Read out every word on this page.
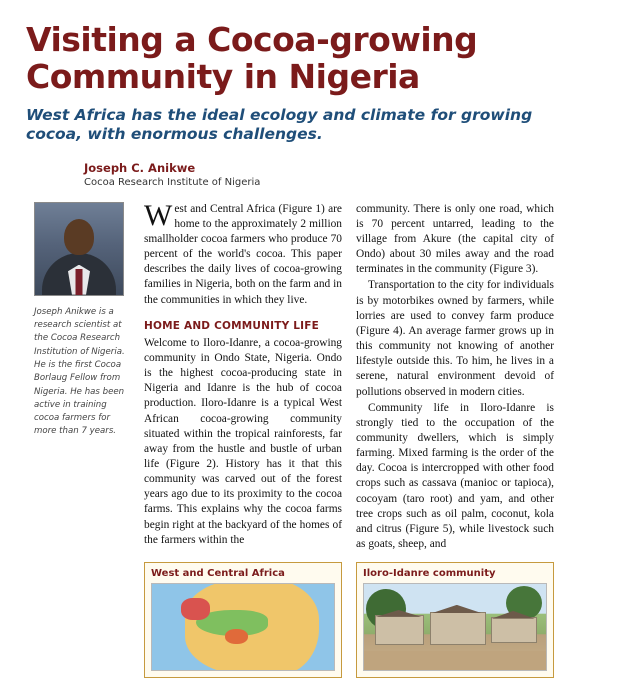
Visiting a Cocoa-growing Community in Nigeria

West Africa has the ideal ecology and climate for growing cocoa, with enormous challenges.

Joseph C. Anikwe

Cocoa Research Institute of Nigeria

Joseph Anikwe is a research scientist at the Cocoa Research Institution of Nigeria. He is the first Cocoa Borlaug Fellow from Nigeria. He has been active in training cocoa farmers for more than 7 years.

West and Central Africa (Figure 1) are home to the approximately 2 million smallholder cocoa farmers who produce 70 percent of the world's cocoa. This paper describes the daily lives of cocoa-growing families in Nigeria, both on the farm and in the communities in which they live.

HOME AND COMMUNITY LIFE

Welcome to Iloro-Idanre, a cocoa-growing community in Ondo State, Nigeria. Ondo is the highest cocoa-producing state in Nigeria and Idanre is the hub of cocoa production. Iloro-Idanre is a typical West African cocoa-growing community situated within the tropical rainforests, far away from the hustle and bustle of urban life (Figure 2). History has it that this community was carved out of the forest years ago due to its proximity to the cocoa farms. This explains why the cocoa farms begin right at the backyard of the homes of the farmers within the

community. There is only one road, which is 70 percent untarred, leading to the village from Akure (the capital city of Ondo) about 30 miles away and the road terminates in the community (Figure 3).

Transportation to the city for individuals is by motorbikes owned by farmers, while lorries are used to convey farm produce (Figure 4). An average farmer grows up in this community not knowing of another lifestyle outside this. To him, he lives in a serene, natural environment devoid of pollutions observed in modern cities.

Community life in Iloro-Idanre is strongly tied to the occupation of the community dwellers, which is simply farming. Mixed farming is the order of the day. Cocoa is intercropped with other food crops such as cassava (manioc or tapioca), cocoyam (taro root) and yam, and other tree crops such as oil palm, coconut, kola and citrus (Figure 5), while livestock such as goats, sheep, and

West and Central Africa	Iloro-Idanre community
